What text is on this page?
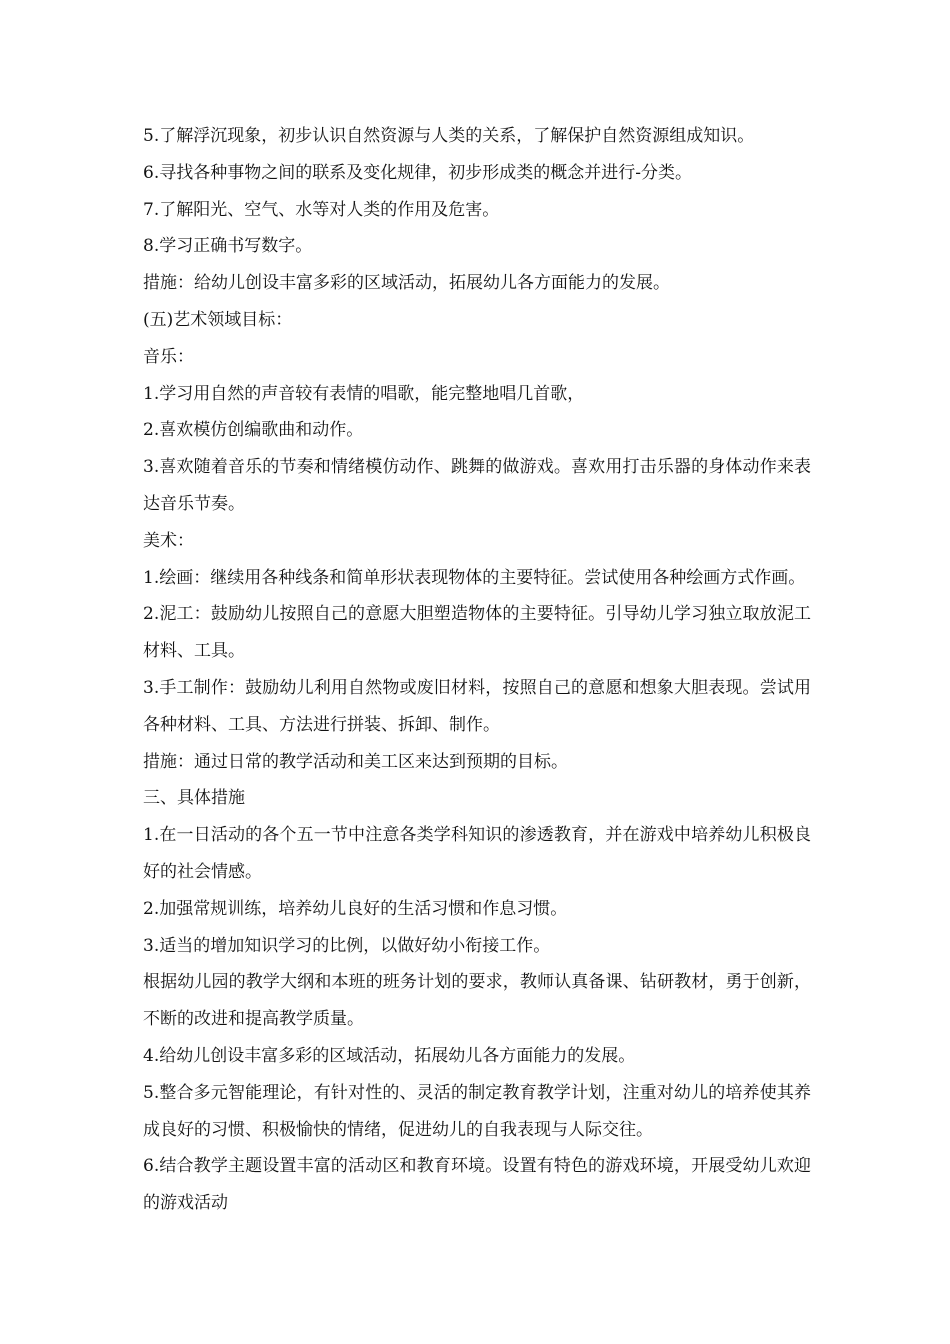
5.了解浮沉现象，初步认识自然资源与人类的关系，了解保护自然资源组成知识。

6.寻找各种事物之间的联系及变化规律，初步形成类的概念并进行-分类。

7.了解阳光、空气、水等对人类的作用及危害。

8.学习正确书写数字。

措施：给幼儿创设丰富多彩的区域活动，拓展幼儿各方面能力的发展。

(五)艺术领域目标：

音乐：

1.学习用自然的声音较有表情的唱歌，能完整地唱几首歌，

2.喜欢模仿创编歌曲和动作。

3.喜欢随着音乐的节奏和情绪模仿动作、跳舞的做游戏。喜欢用打击乐器的身体动作来表达音乐节奏。

美术：

1.绘画：继续用各种线条和简单形状表现物体的主要特征。尝试使用各种绘画方式作画。

2.泥工：鼓励幼儿按照自己的意愿大胆塑造物体的主要特征。引导幼儿学习独立取放泥工材料、工具。

3.手工制作：鼓励幼儿利用自然物或废旧材料，按照自己的意愿和想象大胆表现。尝试用各种材料、工具、方法进行拼装、拆卸、制作。

措施：通过日常的教学活动和美工区来达到预期的目标。

三、具体措施

1.在一日活动的各个五一节中注意各类学科知识的渗透教育，并在游戏中培养幼儿积极良好的社会情感。

2.加强常规训练，培养幼儿良好的生活习惯和作息习惯。

3.适当的增加知识学习的比例，以做好幼小衔接工作。

根据幼儿园的教学大纲和本班的班务计划的要求，教师认真备课、钻研教材，勇于创新，不断的改进和提高教学质量。

4.给幼儿创设丰富多彩的区域活动，拓展幼儿各方面能力的发展。

5.整合多元智能理论，有针对性的、灵活的制定教育教学计划，注重对幼儿的培养使其养成良好的习惯、积极愉快的情绪，促进幼儿的自我表现与人际交往。

6.结合教学主题设置丰富的活动区和教育环境。设置有特色的游戏环境，开展受幼儿欢迎的游戏活动
